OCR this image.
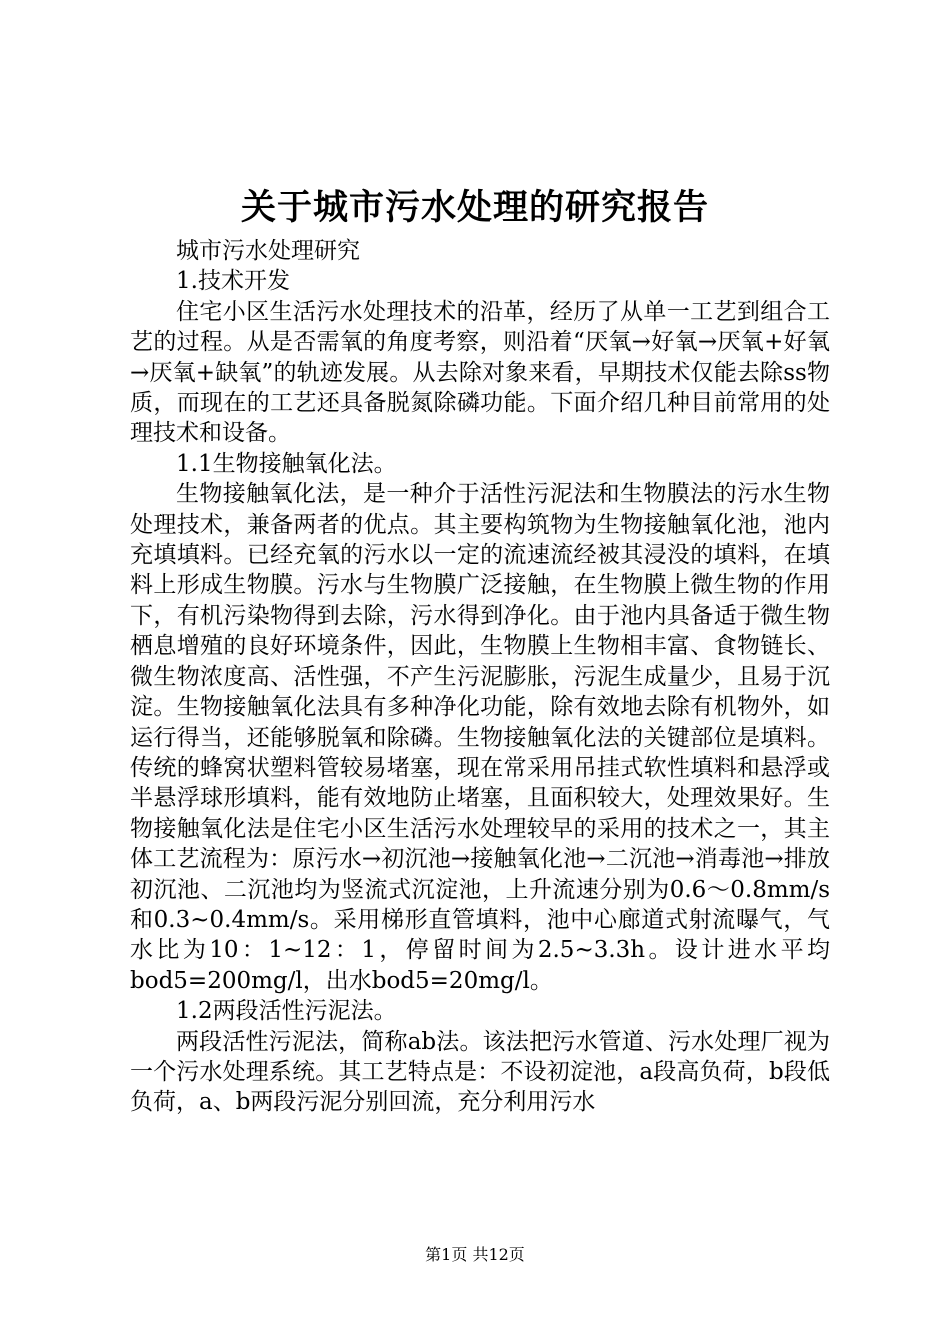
关于城市污水处理的研究报告

城市污水处理研究

1.技术开发

住宅小区生活污水处理技术的沿革，经历了从单一工艺到组合工艺的过程。从是否需氧的角度考察，则沿着“厌氧→好氧→厌氧+好氧→厌氧+缺氧”的轨迹发展。从去除对象来看，早期技术仅能去除ss物质，而现在的工艺还具备脱氮除磷功能。下面介绍几种目前常用的处理技术和设备。

1.1生物接触氧化法。

生物接触氧化法，是一种介于活性污泥法和生物膜法的污水生物处理技术，兼备两者的优点。其主要构筑物为生物接触氧化池，池内充填填料。已经充氧的污水以一定的流速流经被其浸没的填料，在填料上形成生物膜。污水与生物膜广泛接触，在生物膜上微生物的作用下，有机污染物得到去除，污水得到净化。由于池内具备适于微生物栖息增殖的良好环境条件，因此，生物膜上生物相丰富、食物链长、微生物浓度高、活性强，不产生污泥膨胀，污泥生成量少，且易于沉淀。生物接触氧化法具有多种净化功能，除有效地去除有机物外，如运行得当，还能够脱氧和除磷。生物接触氧化法的关键部位是填料。传统的蜂窝状塑料管较易堵塞，现在常采用吊挂式软性填料和悬浮或半悬浮球形填料，能有效地防止堵塞，且面积较大，处理效果好。生物接触氧化法是住宅小区生活污水处理较早的采用的技术之一，其主体工艺流程为：原污水→初沉池→接触氧化池→二沉池→消毒池→排放初沉池、二沉池均为竖流式沉淀池，上升流速分别为0.6～0.8mm/s和0.3~0.4mm/s。采用梯形直管填料，池中心廊道式射流曝气，气水比为10：1~12：1，停留时间为2.5~3.3h。设计进水平均bod5=200mg/l，出水bod5=20mg/l。

1.2两段活性污泥法。

两段活性污泥法，简称ab法。该法把污水管道、污水处理厂视为一个污水处理系统。其工艺特点是：不设初淀池，a段高负荷，b段低负荷，a、b两段污泥分别回流，充分利用污水

第1页 共12页
